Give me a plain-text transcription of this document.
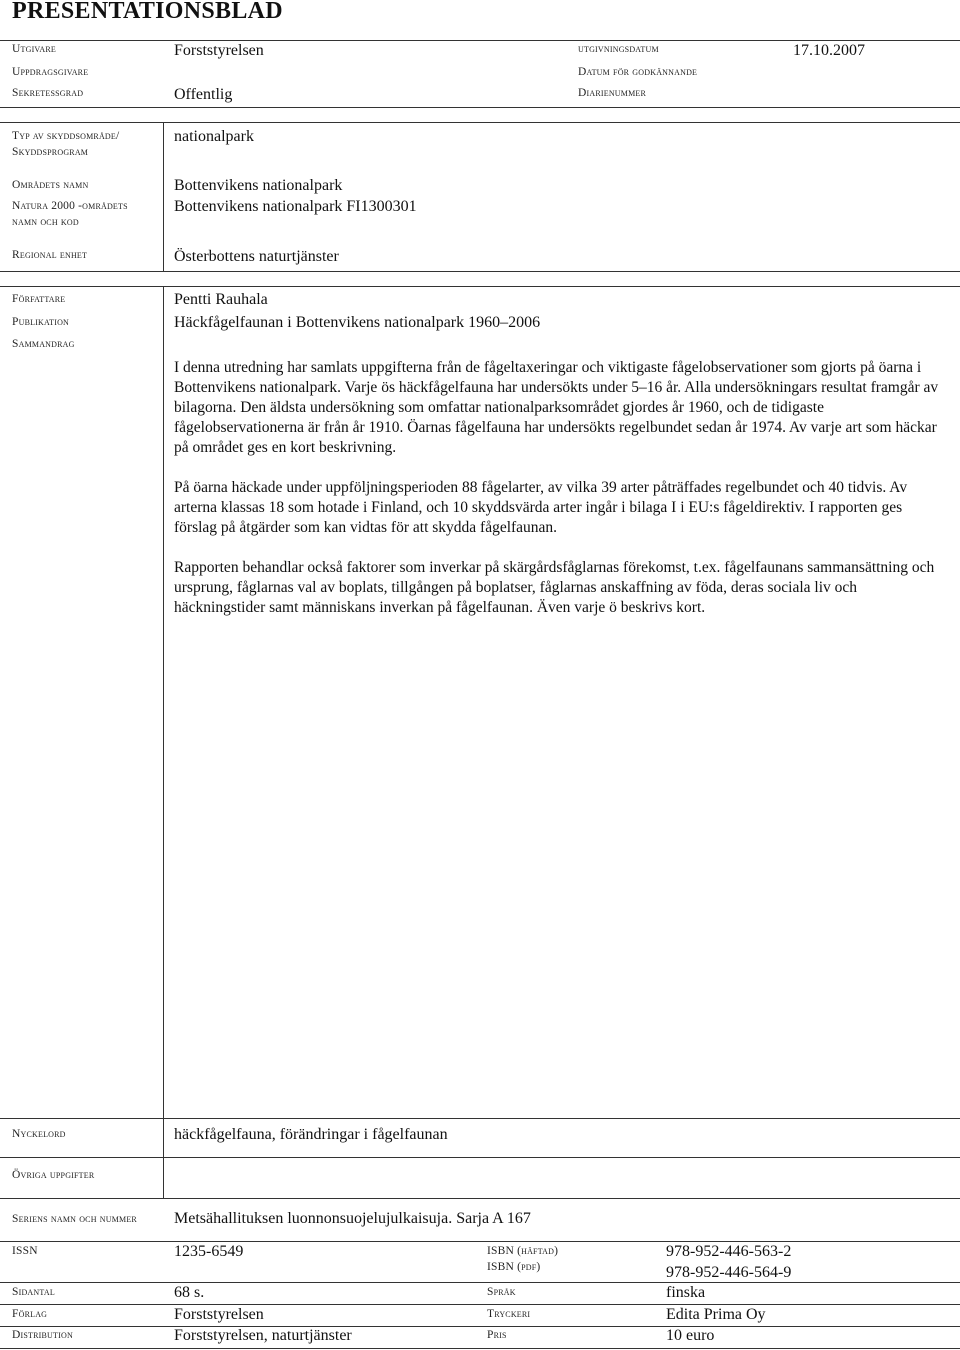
PRESENTATIONSBLAD
Utgivare	Forststyrelsen	utgivningsdatum	17.10.2007
Uppdragsgivare	Datum för godkännande
Sekretessgrad	Offentlig	Diarienummer
Typ av skyddsområde/ Skyddsprogram
nationalpark
Områdets namn	Bottenvikens nationalpark
Natura 2000 -områdets namn och kod
Bottenvikens nationalpark FI1300301
Regional enhet	Österbottens naturtjänster
Författare	Pentti Rauhala
Publikation	Häckfågelfaunan i Bottenvikens nationalpark 1960–2006
Sammandrag

I denna utredning har samlats uppgifterna från de fågeltaxeringar och viktigaste fågelobservationer som gjorts på öarna i Bottenvikens nationalpark. Varje ös häckfågelfauna har undersökts under 5–16 år. Alla undersökningars resultat framgår av bilagorna. Den äldsta undersökning som omfattar nationalparksområdet gjordes år 1960, och de tidigaste fågelobservationerna är från år 1910. Öarnas fågelfauna har undersökts regelbundet sedan år 1974. Av varje art som häckar på området ges en kort beskrivning.

På öarna häckade under uppföljningsperioden 88 fågelarter, av vilka 39 arter påträffades regelbundet och 40 tidvis. Av arterna klassas 18 som hotade i Finland, och 10 skyddsvärda arter ingår i bilaga I i EU:s fågeldirektiv. I rapporten ges förslag på åtgärder som kan vidtas för att skydda fågelfaunan.

Rapporten behandlar också faktorer som inverkar på skärgårdsfåglarnas förekomst, t.ex. fågelfaunans sammansättning och ursprung, fåglarnas val av boplats, tillgången på boplatser, fåglarnas anskaffning av föda, deras sociala liv och häckningstider samt människans inverkan på fågelfaunan. Även varje ö beskrivs kort.

Nyckelord	häckfågelfauna, förändringar i fågelfaunan
Övriga uppgifter
Seriens namn och nummer	Metsähallituksen luonnonsuojelujulkaisuja. Sarja A 167
ISSN	1235-6549	ISBN (häftad)	978-952-446-563-2
ISBN (pdf)	978-952-446-564-9
Sidantal	68 s.	Språk	finska
Förlag	Forststyrelsen	Tryckeri	Edita Prima Oy
Distribution	Forststyrelsen, naturtjänster	Pris	10 euro
